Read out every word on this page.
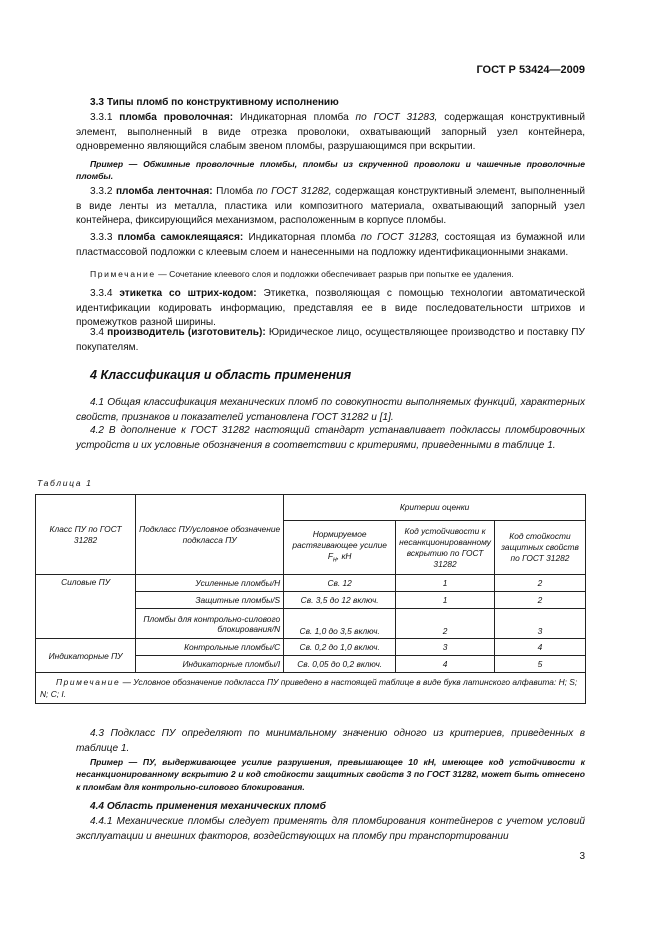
ГОСТ Р 53424—2009
3.3 Типы пломб по конструктивному исполнению

3.3.1 пломба проволочная: Индикаторная пломба по ГОСТ 31283, содержащая конструктивный элемент, выполненный в виде отрезка проволоки, охватывающий запорный узел контейнера, одновременно являющийся слабым звеном пломбы, разрушающимся при вскрытии.

Пример — Обжимные проволочные пломбы, пломбы из скрученной проволоки и чашечные проволочные пломбы.

3.3.2 пломба ленточная: Пломба по ГОСТ 31282, содержащая конструктивный элемент, выполненный в виде ленты из металла, пластика или композитного материала, охватывающий запорный узел контейнера, фиксирующийся механизмом, расположенным в корпусе пломбы.

3.3.3 пломба самоклеящаяся: Индикаторная пломба по ГОСТ 31283, состоящая из бумажной или пластмассовой подложки с клеевым слоем и нанесенными на подложку идентификационными знаками.

Примечание — Сочетание клеевого слоя и подложки обеспечивает разрыв при попытке ее удаления.

3.3.4 этикетка со штрих-кодом: Этикетка, позволяющая с помощью технологии автоматической идентификации кодировать информацию, представляя ее в виде последовательности штрихов и промежутков разной ширины.

3.4 производитель (изготовитель): Юридическое лицо, осуществляющее производство и поставку ПУ покупателям.

4 Классификация и область применения

4.1 Общая классификация механических пломб по совокупности выполняемых функций, характерных свойств, признаков и показателей установлена ГОСТ 31282 и [1].

4.2 В дополнение к ГОСТ 31282 настоящий стандарт устанавливает подклассы пломбировочных устройств и их условные обозначения в соответствии с критериями, приведенными в таблице 1.

Таблица 1
Класс ПУ по ГОСТ 31282	Подкласс ПУ/условное обозначение подкласса ПУ	Критерии оценки		
		Нормируемое растягивающее усилие $F_н$, кН	Код устойчивости к несанкционированному вскрытию по ГОСТ 31282	Код стойкости защитных свойств по ГОСТ 31282
Силовые ПУ	Усиленные пломбы/H	Св. 12	1	2
	Защитные пломбы/S	Св. 3,5 до 12 включ.	1	2
	Пломбы для контрольно-силового блокирования/N	Св. 1,0 до 3,5 включ.	2	3
Индикаторные ПУ	Контрольные пломбы/C	Св. 0,2 до 1,0 включ.	3	4
	Индикаторные пломбы/I	Св. 0,05 до 0,2 включ.	4	5
Примечание — Условное обозначение подкласса ПУ приведено в настоящей таблице в виде букв латинского алфавита: H; S; N; C; I.				

4.3 Подкласс ПУ определяют по минимальному значению одного из критериев, приведенных в таблице 1.

Пример — ПУ, выдерживающее усилие разрушения, превышающее 10 кН, имеющее код устойчивости к несанкционированному вскрытию 2 и код стойкости защитных свойств 3 по ГОСТ 31282, может быть отнесено к пломбам для контрольно-силового блокирования.

4.4 Область применения механических пломб

4.4.1 Механические пломбы следует применять для пломбирования контейнеров с учетом условий эксплуатации и внешних факторов, воздействующих на пломбу при транспортировании

3
